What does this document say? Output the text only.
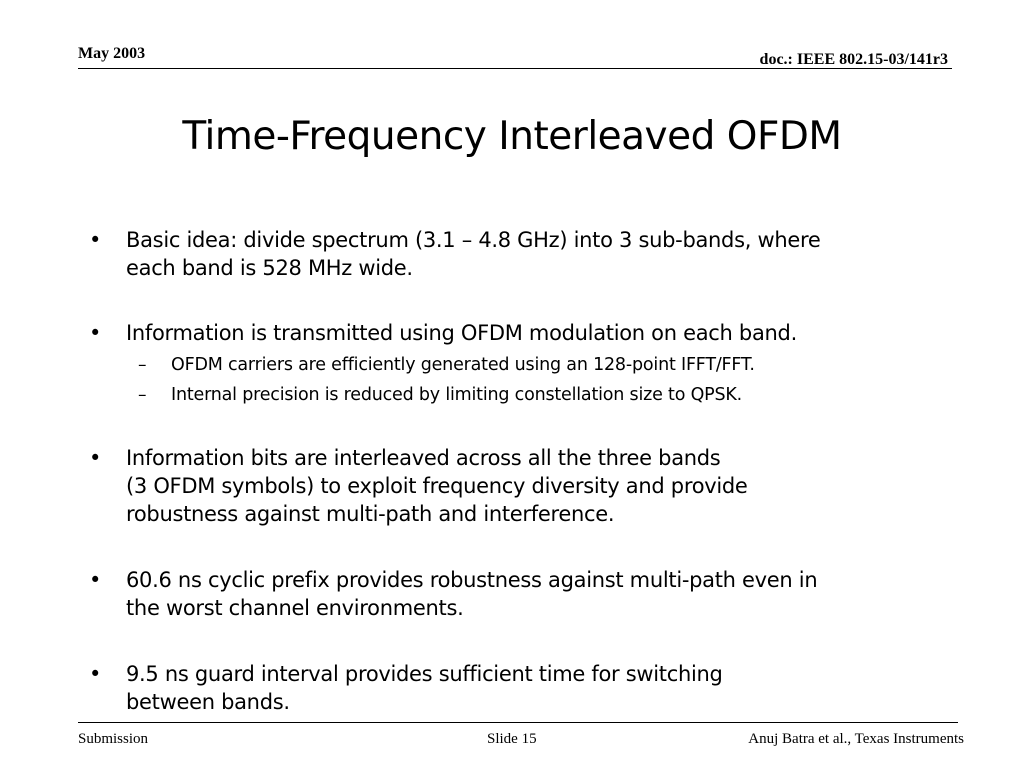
May 2003	doc.: IEEE 802.15-03/141r3
Time-Frequency Interleaved OFDM
• Basic idea: divide spectrum (3.1 – 4.8 GHz) into 3 sub-bands, where
each band is 528 MHz wide.
• Information is transmitted using OFDM modulation on each band.
– OFDM carriers are efficiently generated using an 128-point IFFT/FFT.
– Internal precision is reduced by limiting constellation size to QPSK.
• Information bits are interleaved across all the three bands
(3 OFDM symbols) to exploit frequency diversity and provide
robustness against multi-path and interference.
• 60.6 ns cyclic prefix provides robustness against multi-path even in
the worst channel environments.
• 9.5 ns guard interval provides sufficient time for switching
between bands.
Submission	Slide 15	Anuj Batra et al., Texas Instruments
